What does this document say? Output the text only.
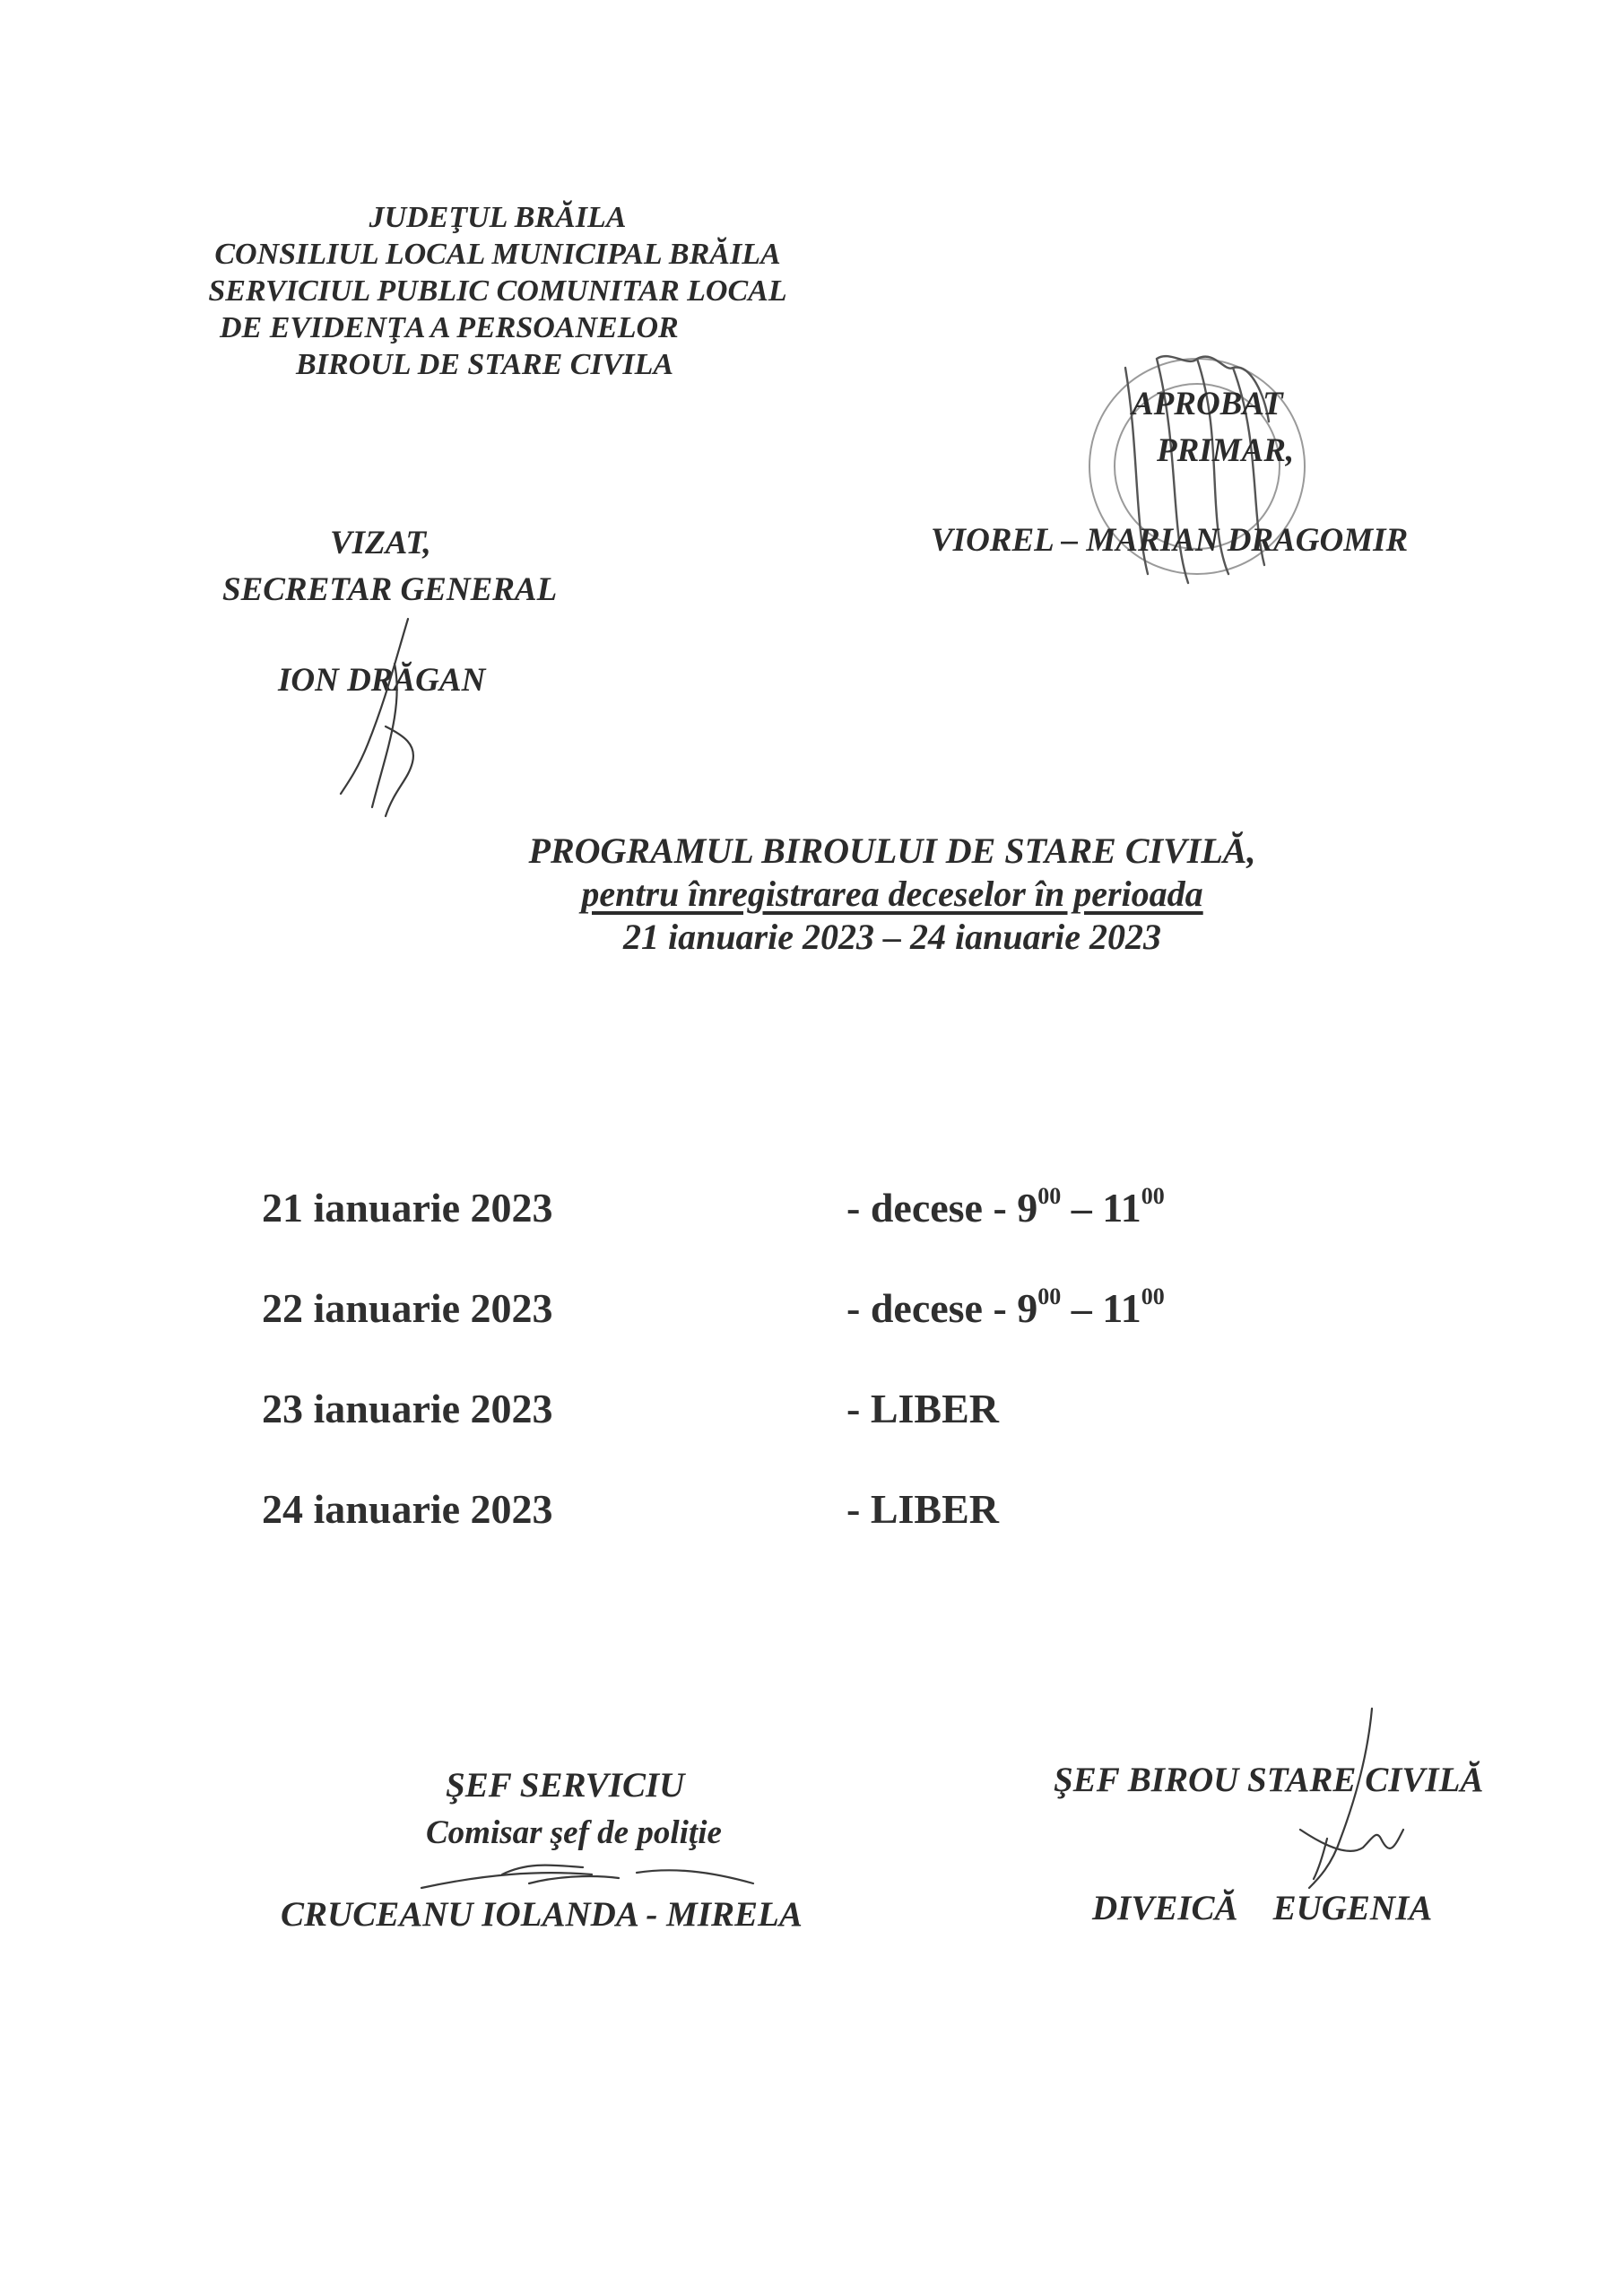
JUDEŢUL BRĂILA
CONSILIUL LOCAL MUNICIPAL BRĂILA
SERVICIUL PUBLIC COMUNITAR LOCAL
DE EVIDENŢA A PERSOANELOR
BIROUL DE STARE CIVILA
APROBAT
PRIMAR,
VIOREL – MARIAN DRAGOMIR
VIZAT,
SECRETAR GENERAL
ION DRĂGAN
PROGRAMUL BIROULUI DE STARE CIVILĂ,
pentru înregistrarea deceselor în perioada
21 ianuarie 2023 – 24 ianuarie 2023
21 ianuarie 2023	- decese - $9^{00} - 11^{00}$
22 ianuarie 2023	- decese - $9^{00} - 11^{00}$
23 ianuarie 2023	- LIBER
24 ianuarie 2023	- LIBER
ŞEF SERVICIU
Comisar şef de poliţie
CRUCEANU IOLANDA - MIRELA
ŞEF BIROU STARE CIVILĂ
DIVEICĂ    EUGENIA
